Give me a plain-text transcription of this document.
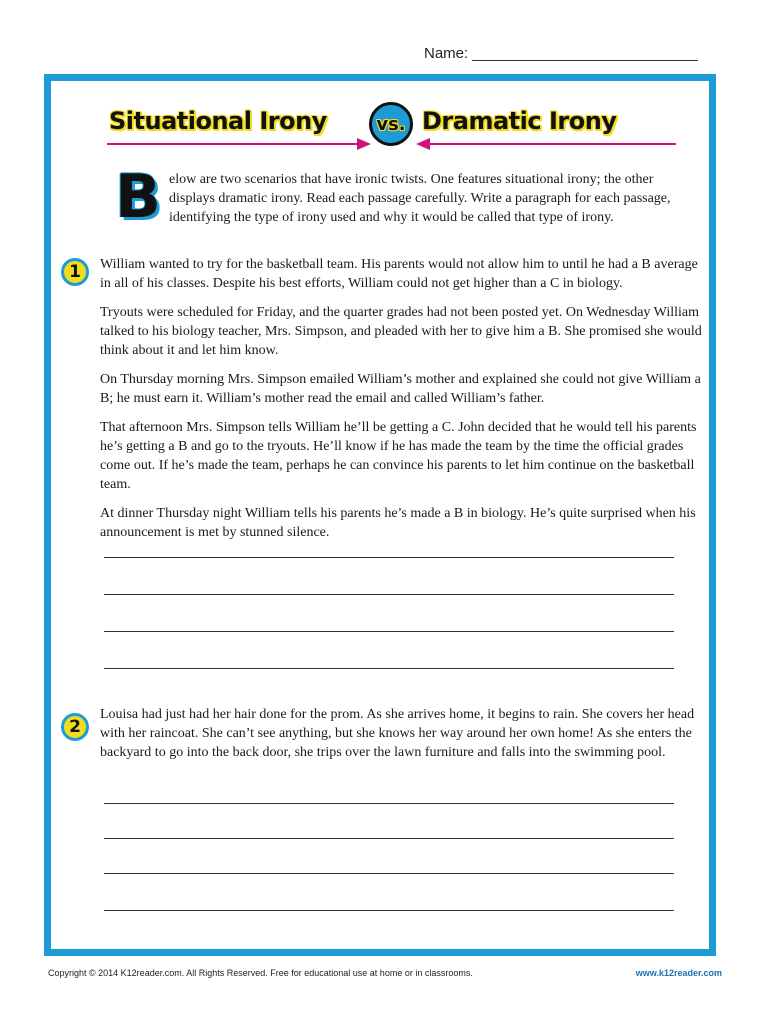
Name: ___________________________
Situational Irony	vs. Dramatic Irony
B elow are two scenarios that have ironic twists. One features situational irony; the other displays dramatic irony. Read each passage carefully. Write a paragraph for each passage, identifying the type of irony used and why it would be called that type of irony.
1	William wanted to try for the basketball team. His parents would not allow him to until he had a B average in all of his classes. Despite his best efforts, William could not get higher than a C in biology.

Tryouts were scheduled for Friday, and the quarter grades had not been posted yet. On Wednesday William talked to his biology teacher, Mrs. Simpson, and pleaded with her to give him a B. She promised she would think about it and let him know.

On Thursday morning Mrs. Simpson emailed William’s mother and explained she could not give William a B; he must earn it. William’s mother read the email and called William’s father.

That afternoon Mrs. Simpson tells William he’ll be getting a C. John decided that he would tell his parents he’s getting a B and go to the tryouts. He’ll know if he has made the team by the time the official grades come out. If he’s made the team, perhaps he can convince his parents to let him continue on the basketball team.

At dinner Thursday night William tells his parents he’s made a B in biology. He’s quite surprised when his announcement is met by stunned silence.

2

Louisa had just had her hair done for the prom. As she arrives home, it begins to rain. She covers her head with her raincoat. She can’t see anything, but she knows her way around her own home! As she enters the backyard to go into the back door, she trips over the lawn furniture and falls into the swimming pool.

Copyright © 2014 K12reader.com. All Rights Reserved. Free for educational use at home or in classrooms.	www.k12reader.com
